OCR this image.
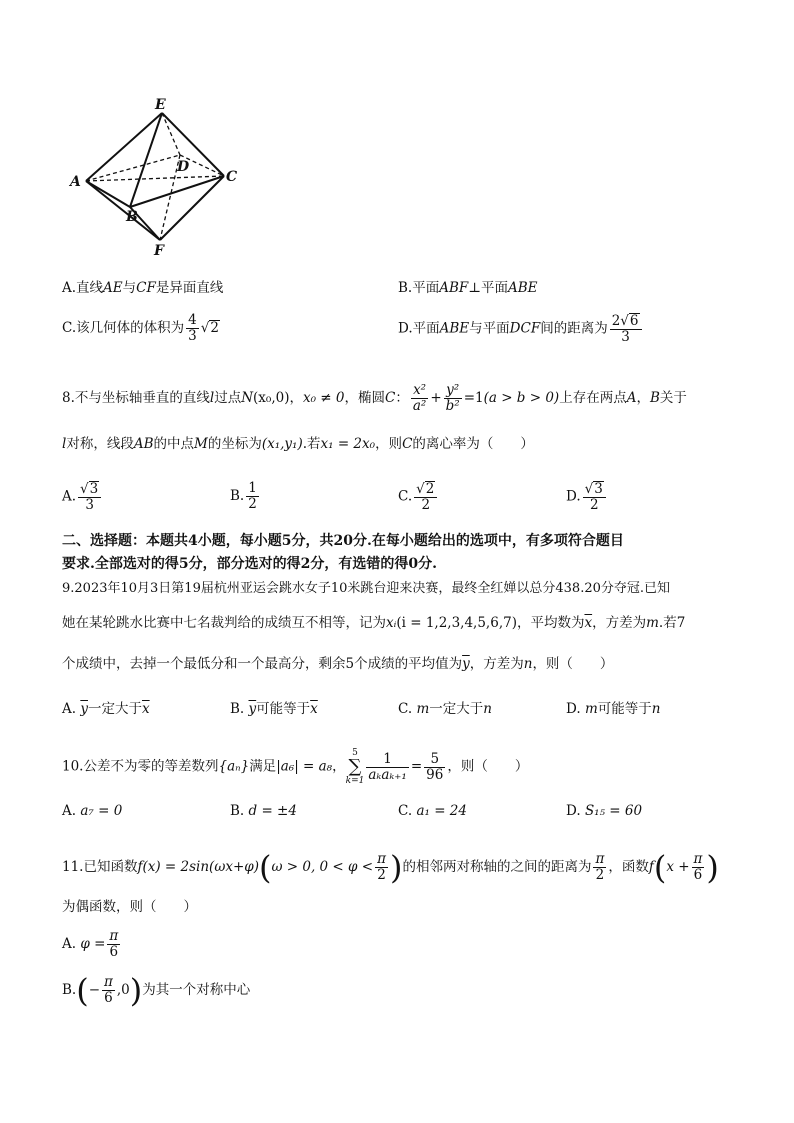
E
D
A	C
B
F
A.直线AE与CF是异面直线	B.平面ABF⊥平面ABE
C.该几何体的体积为 $\frac{4}{3} √2$	D.平面ABE与平面DCF间的距离为 $\frac{2√6}{3}$
8.不与坐标轴垂直的直线l过点N(x₀,0)，x₀ ≠ 0，椭圆C： $\frac{\text{x²}}{\text{a²}} + \frac{\text{y²}}{\text{b²}} =1(a > b > 0)$上存在两点A，B关于
l对称，线段AB的中点M的坐标为(x₁,y₁).若x₁ = 2x₀，则C的离心率为（　　）
A. $\frac{√3}{3}$	B. $\frac{1}{2}$	C. $\frac{√2}{2}$	D. $\frac{√3}{2}$
二、选择题：本题共4小题，每小题5分，共20分.在每小题给出的选项中，有多项符合题目
要求.全部选对的得5分，部分选对的得2分，有选错的得0分.
9.2023年10月3日第19届杭州亚运会跳水女子10米跳台迎来决赛，最终全红婵以总分438.20分夺冠.已知
她在某轮跳水比赛中七名裁判给的成绩互不相等，记为xᵢ(i = 1,2,3,4,5,6,7)，平均数为$\overline{x}$，方差为m.若7
个成绩中，去掉一个最低分和一个最高分，剩余5个成绩的平均值为$\overline{y}$，方差为n，则（　　）
A. $\overline{y}$一定大于$\overline{x}$	B. $\overline{y}$可能等于$\overline{x}$	C. m一定大于n	D. m可能等于n
10.公差不为零的等差数列{aₙ}满足|a₆| = a₈，
5
∑
$k=1 \frac{1}{\text{aₖaₖ₊₁}} = \frac{5}{96}$ ，则（　　）
A. a₇ = 0	B. d = ±4	C. a₁ = 24	D. S₁₅ = 60
11.已知函数f(x) = 2sin(ωx+φ)(ω > 0, $0 < \varphi < \frac{\pi}{2}$ )的相邻两对称轴的之间的距离为 $\frac{\pi}{2}$ ，函数$f(x + \frac{\pi}{6}$ )
为偶函数，则（　　）
A. $\varphi = \frac{\pi}{6}$
$B.(- \frac{\pi}{6} ,0)$为其一个对称中心
